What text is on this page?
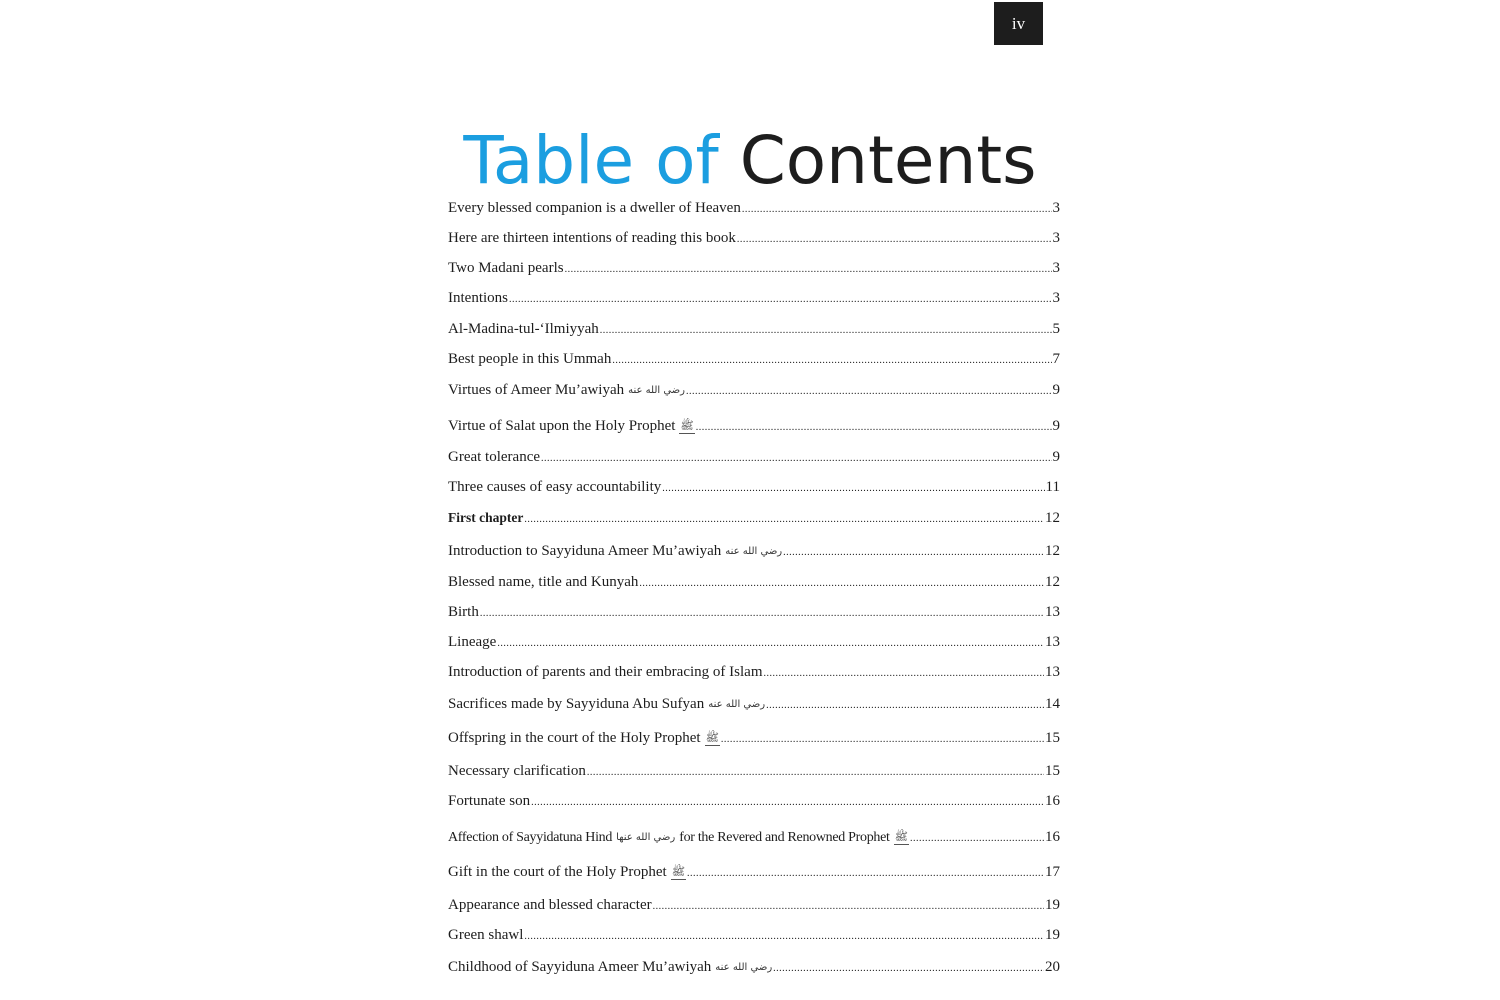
iv
Table of Contents
Every blessed companion is a dweller of Heaven .....	3
Here are thirteen intentions of reading this book .....	3
Two Madani pearls .....	3
Intentions .....	3
Al-Madina-tul-‘Ilmiyyah .....	5
Best people in this Ummah .....	7
Virtues of Ameer Mu’awiyah رضي الله عنه .....	9
Virtue of Salat upon the Holy Prophet ﷺ .....	9
Great tolerance .....	9
Three causes of easy accountability .....	11
First chapter .....	12
Introduction to Sayyiduna Ameer Mu’awiyah رضي الله عنه .....	12
Blessed name, title and Kunyah .....	12
Birth .....	13
Lineage .....	13
Introduction of parents and their embracing of Islam .....	13
Sacrifices made by Sayyiduna Abu Sufyan رضي الله عنه .....	14
Offspring in the court of the Holy Prophet ﷺ .....	15
Necessary clarification .....	15
Fortunate son .....	16
Affection of Sayyidatuna Hind رضي الله عنها for the Revered and Renowned Prophet ﷺ .....	16
Gift in the court of the Holy Prophet ﷺ .....	17
Appearance and blessed character .....	19
Green shawl .....	19
Childhood of Sayyiduna Ameer Mu’awiyah رضي الله عنه .....	20
